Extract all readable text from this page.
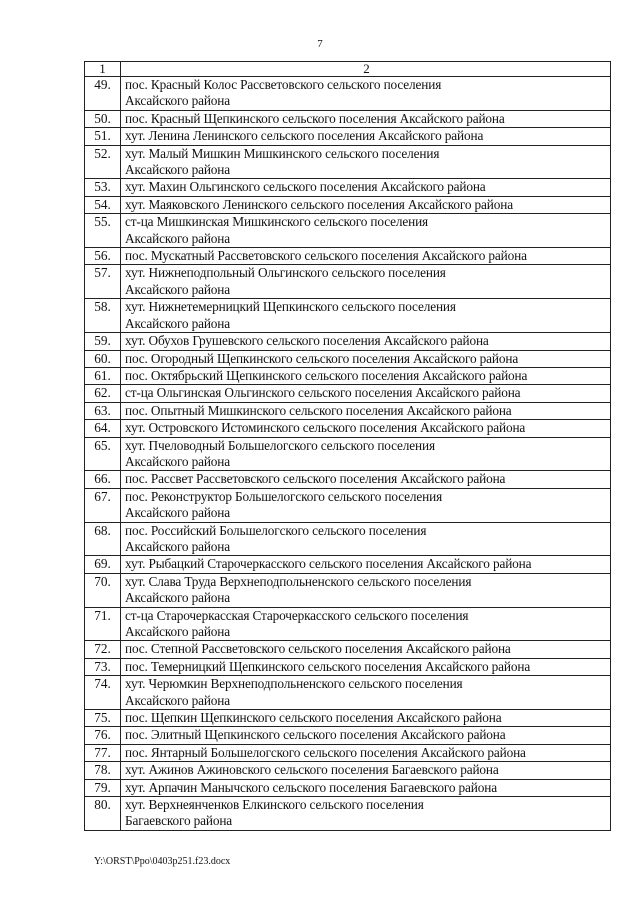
7
1	2
49.	пос. Красный Колос Рассветовского сельского поселения
Аксайского района
50.	пос. Красный Щепкинского сельского поселения Аксайского района
51.	хут. Ленина Ленинского сельского поселения Аксайского района
52.	хут. Малый Мишкин Мишкинского сельского поселения
Аксайского района
53.	хут. Махин Ольгинского сельского поселения Аксайского района
54.	хут. Маяковского Ленинского сельского поселения Аксайского района
55.	ст-ца Мишкинская Мишкинского сельского поселения
Аксайского района
56.	пос. Мускатный Рассветовского сельского поселения Аксайского района
57.	хут. Нижнеподпольный Ольгинского сельского поселения
Аксайского района
58.	хут. Нижнетемерницкий Щепкинского сельского поселения
Аксайского района
59.	хут. Обухов Грушевского сельского поселения Аксайского района
60.	пос. Огородный Щепкинского сельского поселения Аксайского района
61.	пос. Октябрьский Щепкинского сельского поселения Аксайского района
62.	ст-ца Ольгинская Ольгинского сельского поселения Аксайского района
63.	пос. Опытный Мишкинского сельского поселения Аксайского района
64.	хут. Островского Истоминского сельского поселения Аксайского района
65.	хут. Пчеловодный Большелогского сельского поселения
Аксайского района
66.	пос. Рассвет Рассветовского сельского поселения Аксайского района
67.	пос. Реконструктор Большелогского сельского поселения
Аксайского района
68.	пос. Российский Большелогского сельского поселения
Аксайского района
69.	хут. Рыбацкий Старочеркасского сельского поселения Аксайского района
70.	хут. Слава Труда Верхнеподпольненского сельского поселения
Аксайского района
71.	ст-ца Старочеркасская Старочеркасского сельского поселения
Аксайского района
72.	пос. Степной Рассветовского сельского поселения Аксайского района
73.	пос. Темерницкий Щепкинского сельского поселения Аксайского района
74.	хут. Черюмкин Верхнеподпольненского сельского поселения
Аксайского района
75.	пос. Щепкин Щепкинского сельского поселения Аксайского района
76.	пос. Элитный Щепкинского сельского поселения Аксайского района
77.	пос. Янтарный Большелогского сельского поселения Аксайского района
78.	хут. Ажинов Ажиновского сельского поселения Багаевского района
79.	хут. Арпачин Манычского сельского поселения Багаевского района
80.	хут. Верхнеянченков Елкинского сельского поселения
Багаевского района
Y:\ORST\Ppo\0403p251.f23.docx
